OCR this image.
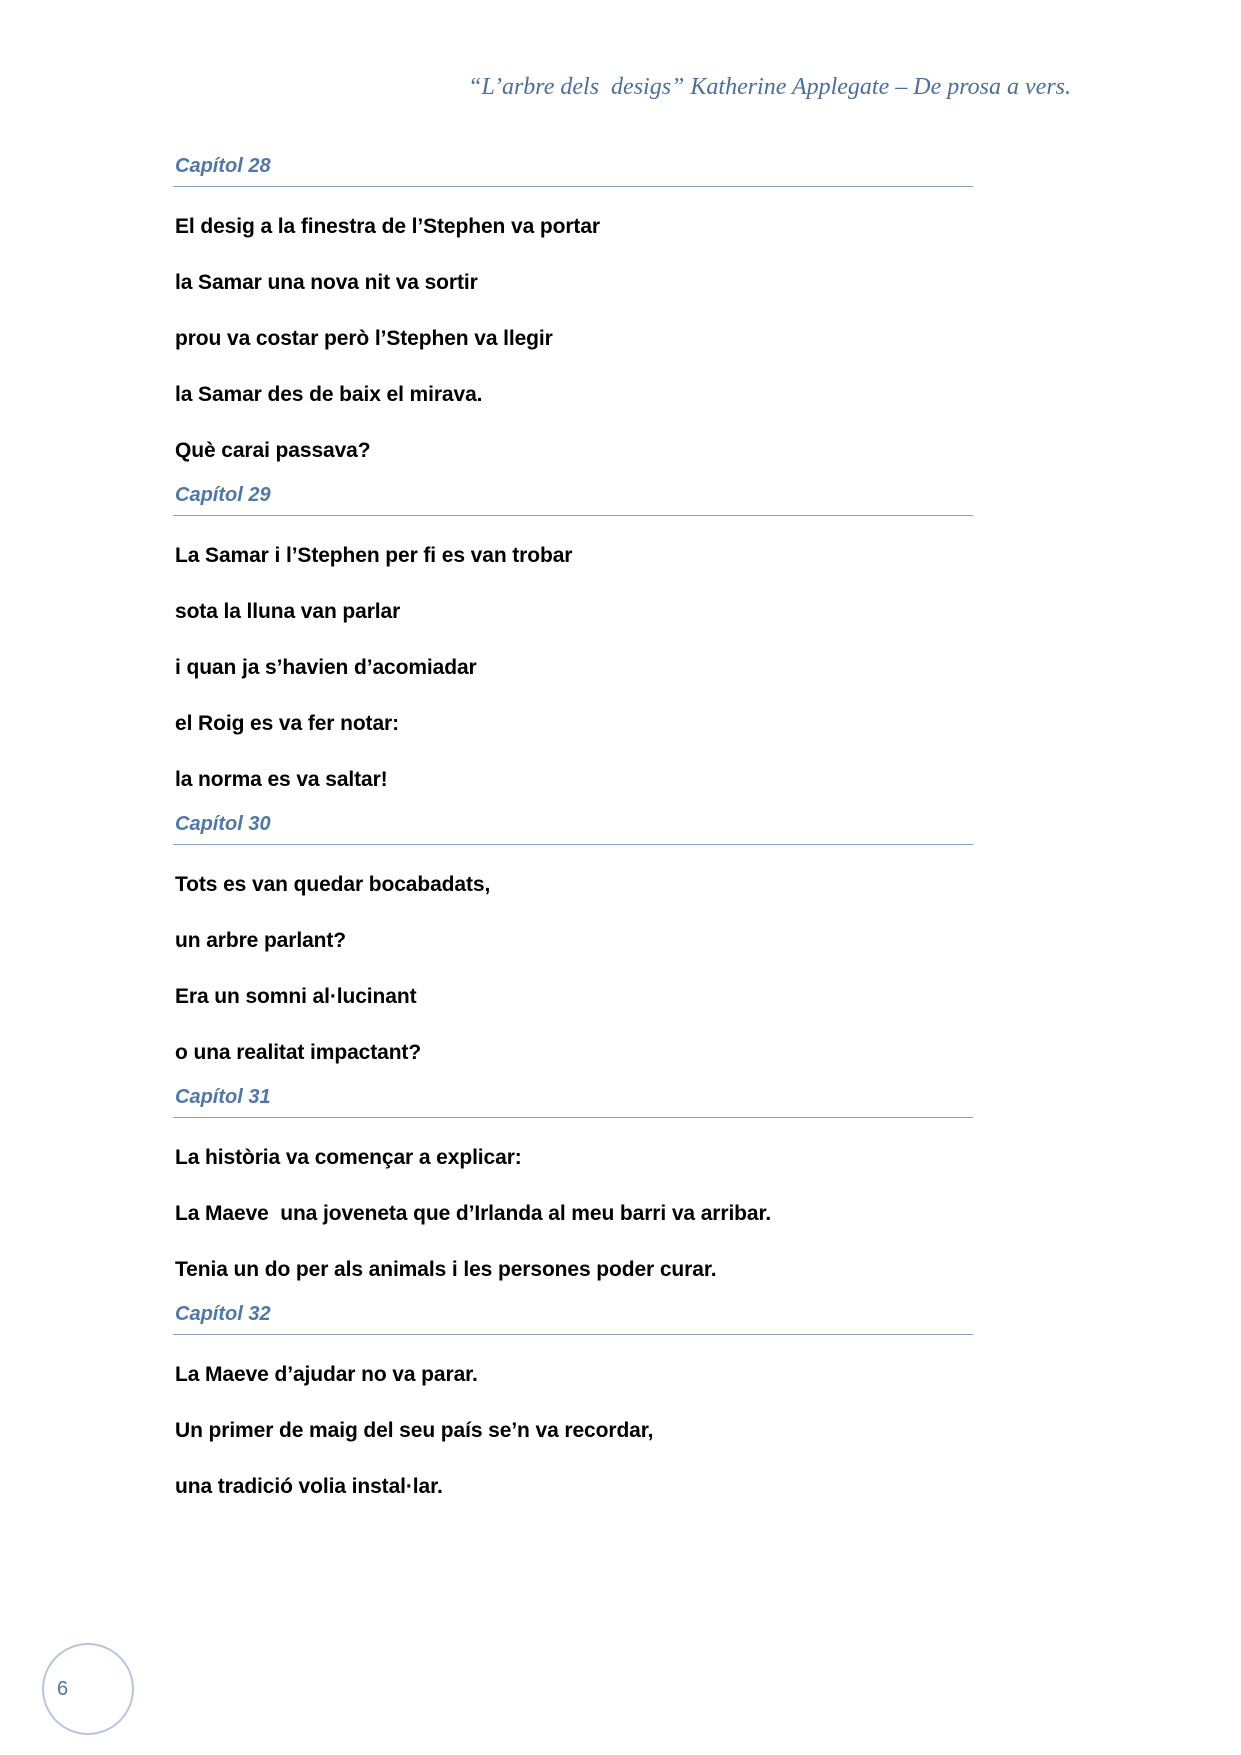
“L’arbre dels  desigs” Katherine Applegate – De prosa a vers.
Capítol 28

El desig a la finestra de l’Stephen va portar

la Samar una nova nit va sortir

prou va costar però l’Stephen va llegir

la Samar des de baix el mirava.

Què carai passava?

Capítol 29

La Samar i l’Stephen per fi es van trobar

sota la lluna van parlar

i quan ja s’havien d’acomiadar

el Roig es va fer notar:

la norma es va saltar!

Capítol 30

Tots es van quedar bocabadats,

un arbre parlant?

Era un somni al·lucinant

o una realitat impactant?

Capítol 31

La història va començar a explicar:

La Maeve  una joveneta que d’Irlanda al meu barri va arribar.

Tenia un do per als animals i les persones poder curar.

Capítol 32

La Maeve d’ajudar no va parar.

Un primer de maig del seu país se’n va recordar,

una tradició volia instal·lar.

6
